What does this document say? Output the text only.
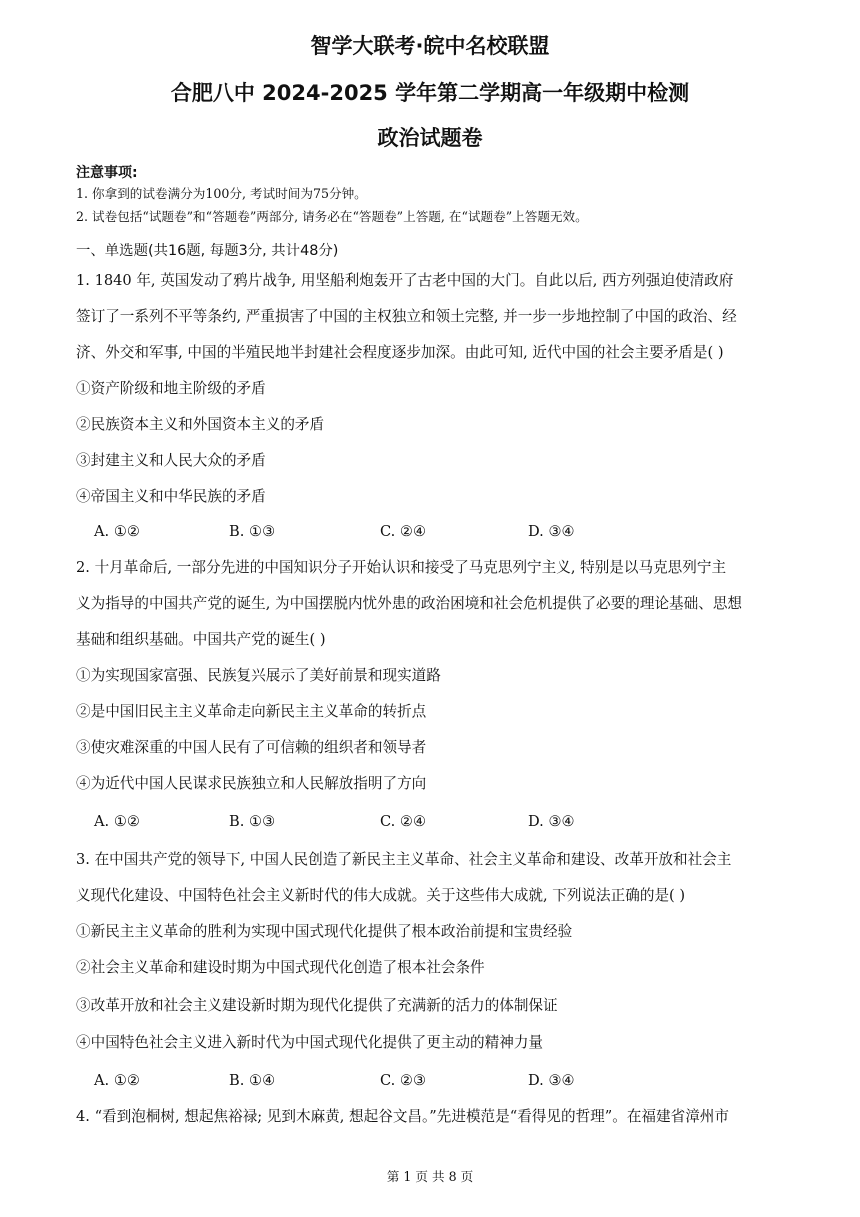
智学大联考·皖中名校联盟
合肥八中 2024-2025 学年第二学期高一年级期中检测
政治试题卷
注意事项:
1. 你拿到的试卷满分为100分, 考试时间为75分钟。
2. 试卷包括“试题卷”和“答题卷”两部分, 请务必在“答题卷”上答题, 在“试题卷”上答题无效。
一、单选题(共16题, 每题3分, 共计48分)
1. 1840 年, 英国发动了鸦片战争, 用坚船利炮轰开了古老中国的大门。自此以后, 西方列强迫使清政府
签订了一系列不平等条约, 严重损害了中国的主权独立和领土完整, 并一步一步地控制了中国的政治、经
济、外交和军事, 中国的半殖民地半封建社会程度逐步加深。由此可知, 近代中国的社会主要矛盾是( )
①资产阶级和地主阶级的矛盾
②民族资本主义和外国资本主义的矛盾
③封建主义和人民大众的矛盾
④帝国主义和中华民族的矛盾
A. ①②	B. ①③	C. ②④	D. ③④
2. 十月革命后, 一部分先进的中国知识分子开始认识和接受了马克思列宁主义, 特别是以马克思列宁主
义为指导的中国共产党的诞生, 为中国摆脱内忧外患的政治困境和社会危机提供了必要的理论基础、思想
基础和组织基础。中国共产党的诞生( )
①为实现国家富强、民族复兴展示了美好前景和现实道路
②是中国旧民主主义革命走向新民主主义革命的转折点
③使灾难深重的中国人民有了可信赖的组织者和领导者
④为近代中国人民谋求民族独立和人民解放指明了方向
A. ①②	B. ①③	C. ②④	D. ③④
3. 在中国共产党的领导下, 中国人民创造了新民主主义革命、社会主义革命和建设、改革开放和社会主
义现代化建设、中国特色社会主义新时代的伟大成就。关于这些伟大成就, 下列说法正确的是( )
①新民主主义革命的胜利为实现中国式现代化提供了根本政治前提和宝贵经验
②社会主义革命和建设时期为中国式现代化创造了根本社会条件
③改革开放和社会主义建设新时期为现代化提供了充满新的活力的体制保证
④中国特色社会主义进入新时代为中国式现代化提供了更主动的精神力量
A. ①②	B. ①④	C. ②③	D. ③④
4. “看到泡桐树, 想起焦裕禄; 见到木麻黄, 想起谷文昌。”先进模范是“看得见的哲理”。在福建省漳州市
第 1 页 共 8 页
